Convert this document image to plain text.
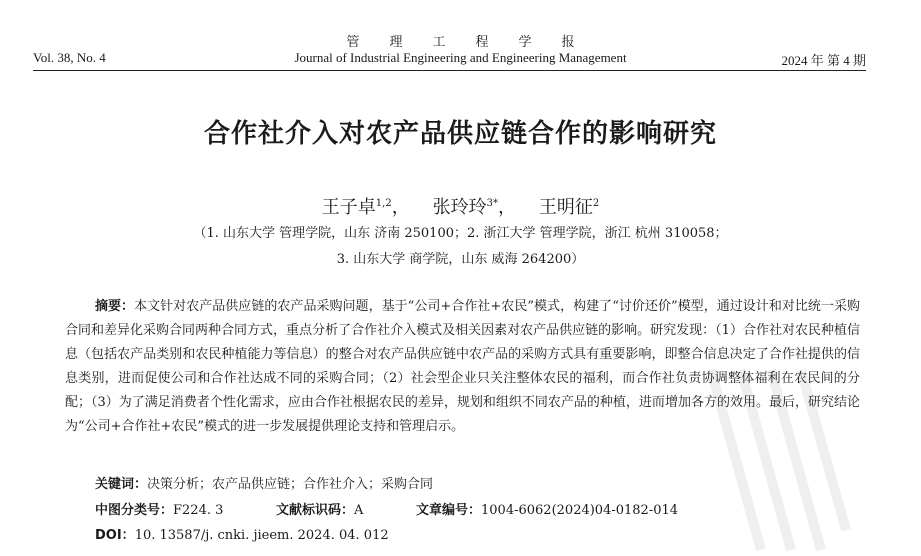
Vol. 38, No. 4
管理工程学报
Journal of Industrial Engineering and Engineering Management	2024 年 第 4 期
合作社介入对农产品供应链合作的影响研究
王子卓$^{1,2}$， 张玲玲$^{3*}$， 王明征$^2$
（1. 山东大学 管理学院，山东 济南 250100；2. 浙江大学 管理学院，浙江 杭州 310058；
3. 山东大学 商学院，山东 威海 264200）
摘要：本文针对农产品供应链的农产品采购问题，基于“公司+合作社+农民”模式，构建了“讨价还价”模型，通过设计和对比统一采购合同和差异化采购合同两种合同方式，重点分析了合作社介入模式及相关因素对农产品供应链的影响。研究发现：（1）合作社对农民种植信息（包括农产品类别和农民种植能力等信息）的整合对农产品供应链中农产品的采购方式具有重要影响，即整合信息决定了合作社提供的信息类别，进而促使公司和合作社达成不同的采购合同；（2）社会型企业只关注整体农民的福利，而合作社负责协调整体福利在农民间的分配；（3）为了满足消费者个性化需求，应由合作社根据农民的差异，规划和组织不同农产品的种植，进而增加各方的效用。最后，研究结论为“公司+合作社+农民”模式的进一步发展提供理论支持和管理启示。
关键词：决策分析；农产品供应链；合作社介入；采购合同
中图分类号：F224. 3	文献标识码：A	文章编号：1004-6062(2024)04-0182-014
DOI：10. 13587/j. cnki. jieem. 2024. 04. 012
